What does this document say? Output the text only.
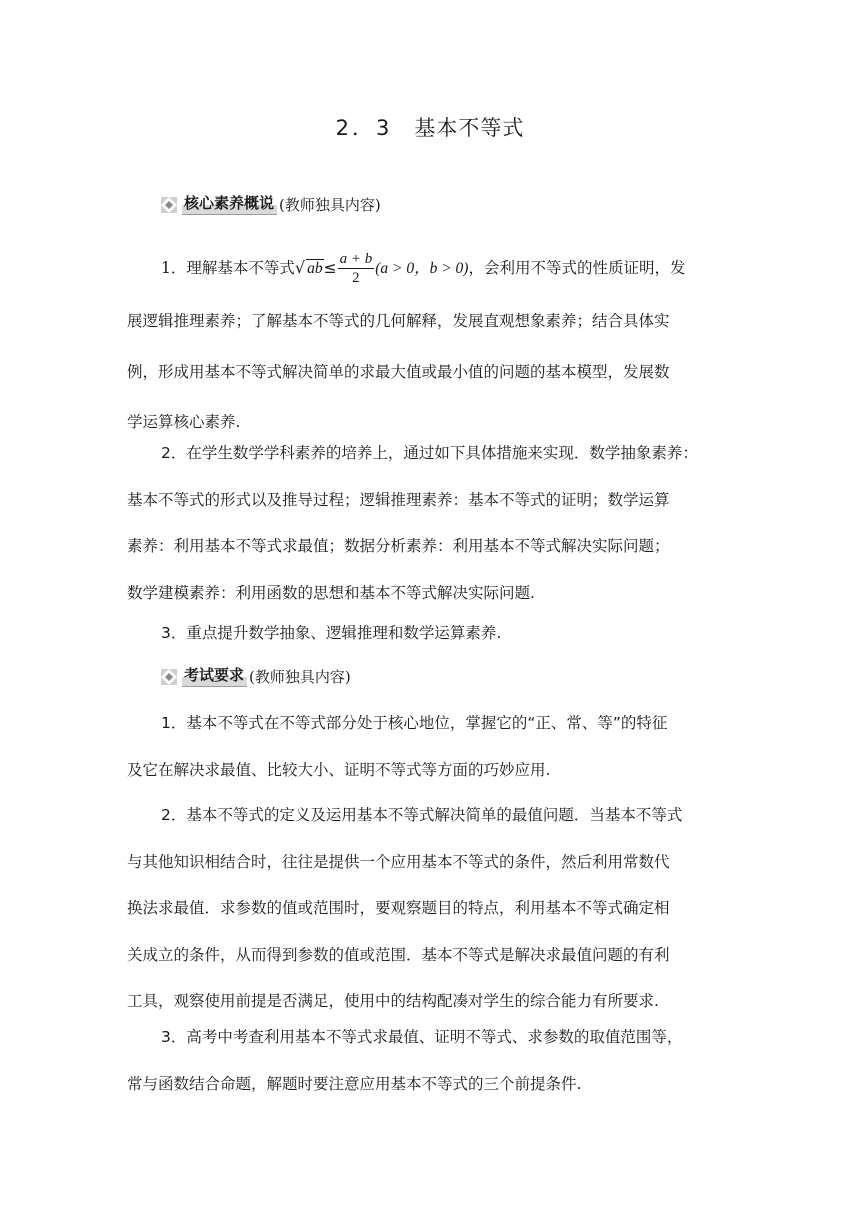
2．3 基本不等式
核心素养概说 (教师独具内容)
1．理解基本不等式√ $ab\le \frac{a + b}{2} (a > 0$，b > 0)，会利用不等式的性质证明，发
展逻辑推理素养；了解基本不等式的几何解释，发展直观想象素养；结合具体实
例，形成用基本不等式解决简单的求最大值或最小值的问题的基本模型，发展数
学运算核心素养.
2．在学生数学学科素养的培养上，通过如下具体措施来实现．数学抽象素养：
基本不等式的形式以及推导过程；逻辑推理素养：基本不等式的证明；数学运算
素养：利用基本不等式求最值；数据分析素养：利用基本不等式解决实际问题；
数学建模素养：利用函数的思想和基本不等式解决实际问题.
3．重点提升数学抽象、逻辑推理和数学运算素养.
考试要求 (教师独具内容)
1．基本不等式在不等式部分处于核心地位，掌握它的“正、常、等”的特征
及它在解决求最值、比较大小、证明不等式等方面的巧妙应用.
2．基本不等式的定义及运用基本不等式解决简单的最值问题．当基本不等式
与其他知识相结合时，往往是提供一个应用基本不等式的条件，然后利用常数代
换法求最值．求参数的值或范围时，要观察题目的特点，利用基本不等式确定相
关成立的条件，从而得到参数的值或范围．基本不等式是解决求最值问题的有利
工具，观察使用前提是否满足，使用中的结构配凑对学生的综合能力有所要求.
3．高考中考查利用基本不等式求最值、证明不等式、求参数的取值范围等，
常与函数结合命题，解题时要注意应用基本不等式的三个前提条件.
